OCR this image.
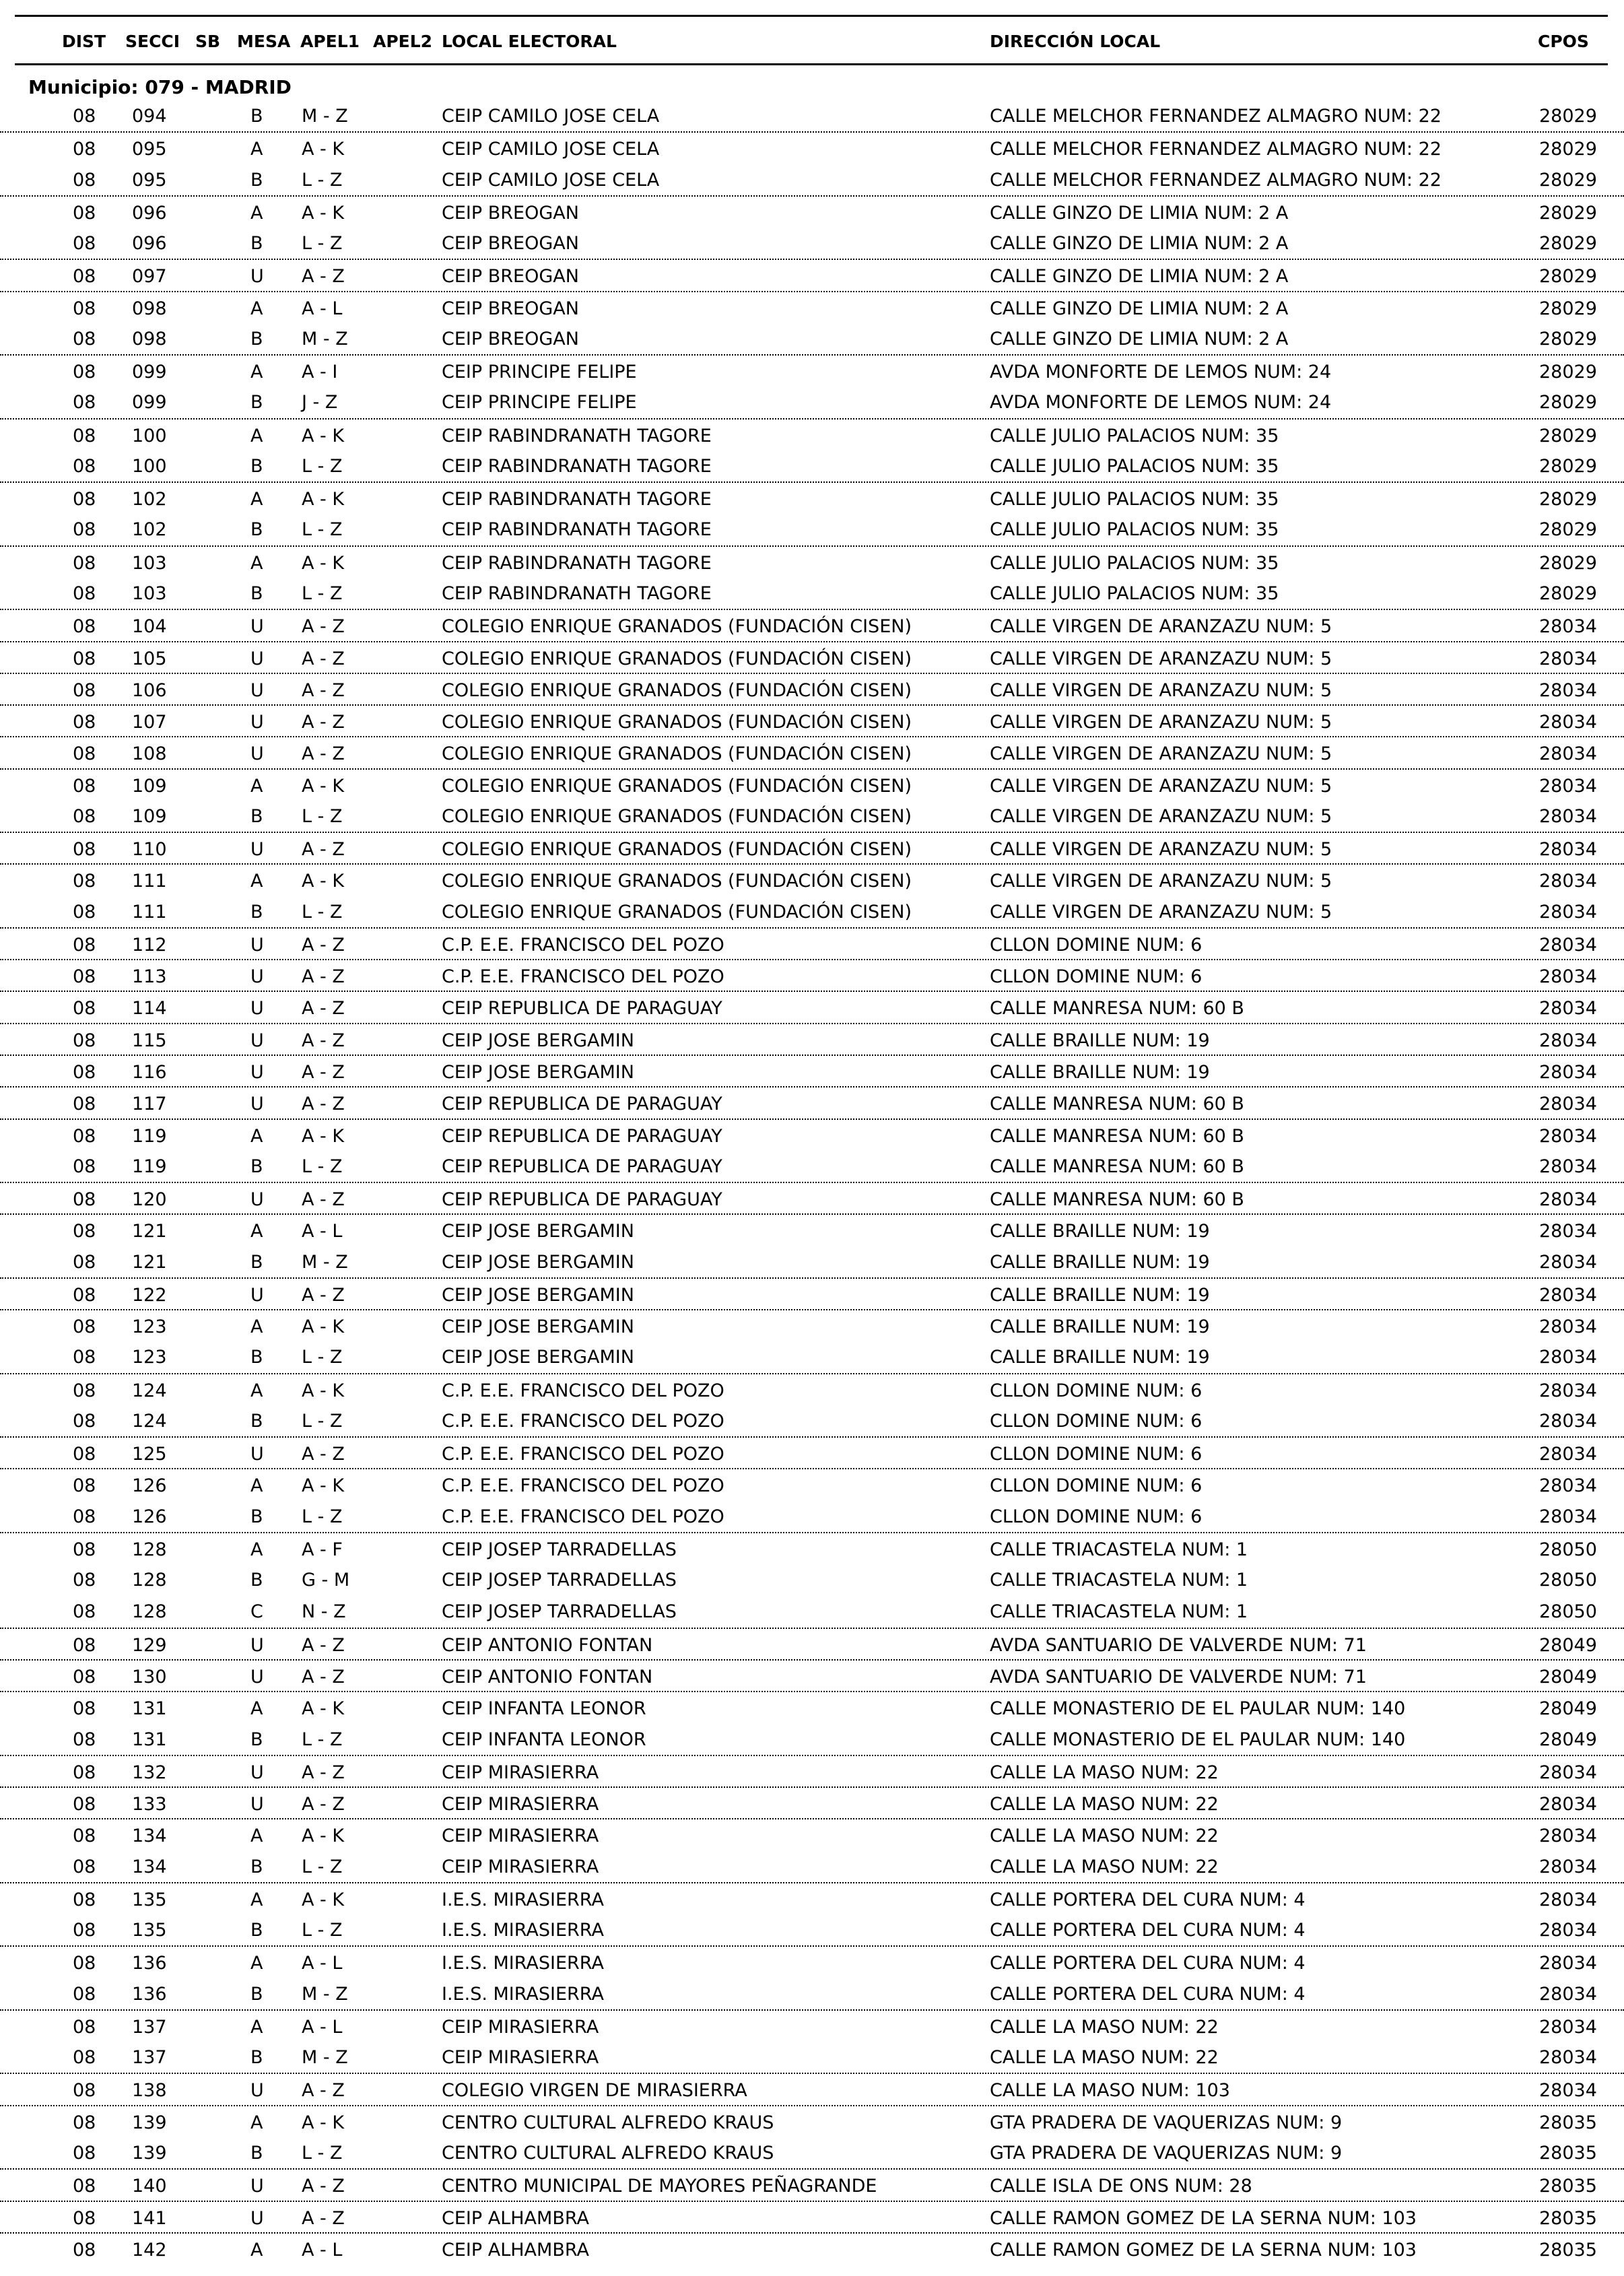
DIST SECCI SB MESA APEL1 APEL2 LOCAL ELECTORAL	DIRECCIÓN LOCAL	CPOS
Municipio: 079 - MADRID
08 094	B M - Z	CEIP CAMILO JOSE CELA	CALLE MELCHOR FERNANDEZ ALMAGRO NUM: 22	28029
08 095	A A - K	CEIP CAMILO JOSE CELA	CALLE MELCHOR FERNANDEZ ALMAGRO NUM: 22	28029
08 095	B L - Z	CEIP CAMILO JOSE CELA	CALLE MELCHOR FERNANDEZ ALMAGRO NUM: 22	28029
08 096	A A - K	CEIP BREOGAN	CALLE GINZO DE LIMIA NUM: 2 A	28029
08 096	B L - Z	CEIP BREOGAN	CALLE GINZO DE LIMIA NUM: 2 A	28029
08 097	U A - Z	CEIP BREOGAN	CALLE GINZO DE LIMIA NUM: 2 A	28029
08 098	A A - L	CEIP BREOGAN	CALLE GINZO DE LIMIA NUM: 2 A	28029
08 098	B M - Z	CEIP BREOGAN	CALLE GINZO DE LIMIA NUM: 2 A	28029
08 099	A A - I	CEIP PRINCIPE FELIPE	AVDA MONFORTE DE LEMOS NUM: 24	28029
08 099	B J - Z	CEIP PRINCIPE FELIPE	AVDA MONFORTE DE LEMOS NUM: 24	28029
08 100	A A - K	CEIP RABINDRANATH TAGORE	CALLE JULIO PALACIOS NUM: 35	28029
08 100	B L - Z	CEIP RABINDRANATH TAGORE	CALLE JULIO PALACIOS NUM: 35	28029
08 102	A A - K	CEIP RABINDRANATH TAGORE	CALLE JULIO PALACIOS NUM: 35	28029
08 102	B L - Z	CEIP RABINDRANATH TAGORE	CALLE JULIO PALACIOS NUM: 35	28029
08 103	A A - K	CEIP RABINDRANATH TAGORE	CALLE JULIO PALACIOS NUM: 35	28029
08 103	B L - Z	CEIP RABINDRANATH TAGORE	CALLE JULIO PALACIOS NUM: 35	28029
08 104	U A - Z	COLEGIO ENRIQUE GRANADOS (FUNDACIÓN CISEN)	CALLE VIRGEN DE ARANZAZU NUM: 5	28034
08 105	U A - Z	COLEGIO ENRIQUE GRANADOS (FUNDACIÓN CISEN)	CALLE VIRGEN DE ARANZAZU NUM: 5	28034
08 106	U A - Z	COLEGIO ENRIQUE GRANADOS (FUNDACIÓN CISEN)	CALLE VIRGEN DE ARANZAZU NUM: 5	28034
08 107	U A - Z	COLEGIO ENRIQUE GRANADOS (FUNDACIÓN CISEN)	CALLE VIRGEN DE ARANZAZU NUM: 5	28034
08 108	U A - Z	COLEGIO ENRIQUE GRANADOS (FUNDACIÓN CISEN)	CALLE VIRGEN DE ARANZAZU NUM: 5	28034
08 109	A A - K	COLEGIO ENRIQUE GRANADOS (FUNDACIÓN CISEN)	CALLE VIRGEN DE ARANZAZU NUM: 5	28034
08 109	B L - Z	COLEGIO ENRIQUE GRANADOS (FUNDACIÓN CISEN)	CALLE VIRGEN DE ARANZAZU NUM: 5	28034
08 110	U A - Z	COLEGIO ENRIQUE GRANADOS (FUNDACIÓN CISEN)	CALLE VIRGEN DE ARANZAZU NUM: 5	28034
08 111	A A - K	COLEGIO ENRIQUE GRANADOS (FUNDACIÓN CISEN)	CALLE VIRGEN DE ARANZAZU NUM: 5	28034
08 111	B L - Z	COLEGIO ENRIQUE GRANADOS (FUNDACIÓN CISEN)	CALLE VIRGEN DE ARANZAZU NUM: 5	28034
08 112	U A - Z	C.P. E.E. FRANCISCO DEL POZO	CLLON DOMINE NUM: 6	28034
08 113	U A - Z	C.P. E.E. FRANCISCO DEL POZO	CLLON DOMINE NUM: 6	28034
08 114	U A - Z	CEIP REPUBLICA DE PARAGUAY	CALLE MANRESA NUM: 60 B	28034
08 115	U A - Z	CEIP JOSE BERGAMIN	CALLE BRAILLE NUM: 19	28034
08 116	U A - Z	CEIP JOSE BERGAMIN	CALLE BRAILLE NUM: 19	28034
08 117	U A - Z	CEIP REPUBLICA DE PARAGUAY	CALLE MANRESA NUM: 60 B	28034
08 119	A A - K	CEIP REPUBLICA DE PARAGUAY	CALLE MANRESA NUM: 60 B	28034
08 119	B L - Z	CEIP REPUBLICA DE PARAGUAY	CALLE MANRESA NUM: 60 B	28034
08 120	U A - Z	CEIP REPUBLICA DE PARAGUAY	CALLE MANRESA NUM: 60 B	28034
08 121	A A - L	CEIP JOSE BERGAMIN	CALLE BRAILLE NUM: 19	28034
08 121	B M - Z	CEIP JOSE BERGAMIN	CALLE BRAILLE NUM: 19	28034
08 122	U A - Z	CEIP JOSE BERGAMIN	CALLE BRAILLE NUM: 19	28034
08 123	A A - K	CEIP JOSE BERGAMIN	CALLE BRAILLE NUM: 19	28034
08 123	B L - Z	CEIP JOSE BERGAMIN	CALLE BRAILLE NUM: 19	28034
08 124	A A - K	C.P. E.E. FRANCISCO DEL POZO	CLLON DOMINE NUM: 6	28034
08 124	B L - Z	C.P. E.E. FRANCISCO DEL POZO	CLLON DOMINE NUM: 6	28034
08 125	U A - Z	C.P. E.E. FRANCISCO DEL POZO	CLLON DOMINE NUM: 6	28034
08 126	A A - K	C.P. E.E. FRANCISCO DEL POZO	CLLON DOMINE NUM: 6	28034
08 126	B L - Z	C.P. E.E. FRANCISCO DEL POZO	CLLON DOMINE NUM: 6	28034
08 128	A A - F	CEIP JOSEP TARRADELLAS	CALLE TRIACASTELA NUM: 1	28050
08 128	B G - M	CEIP JOSEP TARRADELLAS	CALLE TRIACASTELA NUM: 1	28050
08 128	C N - Z	CEIP JOSEP TARRADELLAS	CALLE TRIACASTELA NUM: 1	28050
08 129	U A - Z	CEIP ANTONIO FONTAN	AVDA SANTUARIO DE VALVERDE NUM: 71	28049
08 130	U A - Z	CEIP ANTONIO FONTAN	AVDA SANTUARIO DE VALVERDE NUM: 71	28049
08 131	A A - K	CEIP INFANTA LEONOR	CALLE MONASTERIO DE EL PAULAR NUM: 140	28049
08 131	B L - Z	CEIP INFANTA LEONOR	CALLE MONASTERIO DE EL PAULAR NUM: 140	28049
08 132	U A - Z	CEIP MIRASIERRA	CALLE LA MASO NUM: 22	28034
08 133	U A - Z	CEIP MIRASIERRA	CALLE LA MASO NUM: 22	28034
08 134	A A - K	CEIP MIRASIERRA	CALLE LA MASO NUM: 22	28034
08 134	B L - Z	CEIP MIRASIERRA	CALLE LA MASO NUM: 22	28034
08 135	A A - K	I.E.S. MIRASIERRA	CALLE PORTERA DEL CURA NUM: 4	28034
08 135	B L - Z	I.E.S. MIRASIERRA	CALLE PORTERA DEL CURA NUM: 4	28034
08 136	A A - L	I.E.S. MIRASIERRA	CALLE PORTERA DEL CURA NUM: 4	28034
08 136	B M - Z	I.E.S. MIRASIERRA	CALLE PORTERA DEL CURA NUM: 4	28034
08 137	A A - L	CEIP MIRASIERRA	CALLE LA MASO NUM: 22	28034
08 137	B M - Z	CEIP MIRASIERRA	CALLE LA MASO NUM: 22	28034
08 138	U A - Z	COLEGIO VIRGEN DE MIRASIERRA	CALLE LA MASO NUM: 103	28034
08 139	A A - K	CENTRO CULTURAL ALFREDO KRAUS	GTA PRADERA DE VAQUERIZAS NUM: 9	28035
08 139	B L - Z	CENTRO CULTURAL ALFREDO KRAUS	GTA PRADERA DE VAQUERIZAS NUM: 9	28035
08 140	U A - Z	CENTRO MUNICIPAL DE MAYORES PEÑAGRANDE	CALLE ISLA DE ONS NUM: 28	28035
08 141	U A - Z	CEIP ALHAMBRA	CALLE RAMON GOMEZ DE LA SERNA NUM: 103	28035
08 142	A A - L	CEIP ALHAMBRA	CALLE RAMON GOMEZ DE LA SERNA NUM: 103	28035
